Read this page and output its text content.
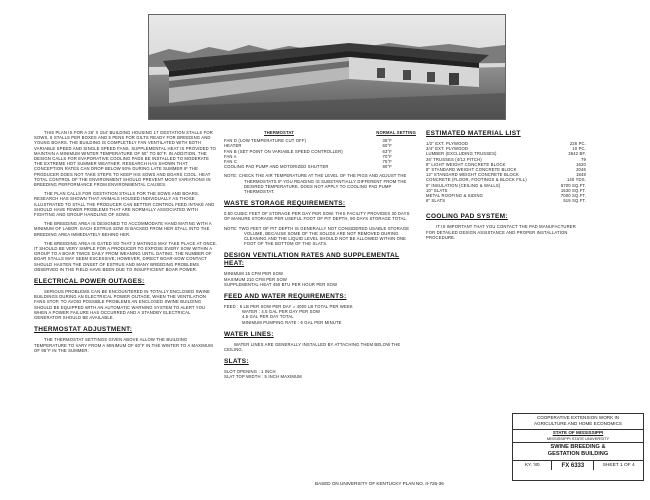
THIS PLAN IS FOR A 26' X 154' BUILDING HOUSING 17 GESTATION STALLS FOR SOWS, 6 STALLS PER BOXES AND 5 PENS FOR GILTS READY FOR BREEDING AND YOUNG BOARS. THE BUILDING IS COMPLETELY FAN VENTILATED WITH BOTH VARIABLE SPEED AND SINGLE SPEED FANS. SUPPLEMENTAL HEAT IS PROVIDED TO MAINTAIN A MINIMUM WINTER TEMPERATURE OF 50° TO 60°F. IN ADDITION, THE DESIGN CALLS FOR EVAPORATIVE COOLING PADS BE INSTALLED TO MODERATE THE EXTREME HOT SUMMER WEATHER. RESEARCH HAS SHOWN THAT CONCEPTION RATES CAN DROP BELOW 50% DURING LATE SUMMER IF THE PRODUCER DOES NOT TAKE STEPS TO KEEP HIS SOWS AND BOARS COOL. HEAT TOTAL CONTROL OF THE ENVIRONMENT SHOULD PREVENT MOST VARIATIONS IN BREEDING PERFORMANCE FROM ENVIRONMENTAL CAUSES.

THE PLAN CALLS FOR GESTATION STALLS FOR THE SOWS AND BOARS. RESEARCH HAS SHOWN THAT ANIMALS HOUSED INDIVIDUALLY AS THOSE ILLUSTRATED TO STALL THE PRODUCER CAN BETTER CONTROL FEED INTAKE AND SHOULD HAVE FEWER PROBLEMS THAT ARE NORMALLY ASSOCIATED WITH FIGHTING AND GROUP HANDLING OF SOWS.

THE BREEDING AREA IS DESIGNED TO ACCOMMODATE HAND MATING WITH A MINIMUM OF LABOR. EACH ESTRUS SOW IS BACKED FROM HER STALL INTO THE BREEDING AREA IMMEDIATELY BEHIND HER.

THE BREEDING AREA IS GATED SO THAT 3 MATINGS MAY TAKE PLACE AT ONCE. IT SHOULD BE VERY SIMPLE FOR A PRODUCER TO EXPOSE EVERY SOW WITHIN A GROUP TO A BOAR TWICE DAILY FROM WEANING UNTIL DATING. THE NUMBER OF BOAR STALLS MAY SEEM EXCESSIVE; HOWEVER, DIRECT BOAR-SOW CONTACT SHOULD HASTEN THE ONSET OF ESTRUS AND MANY BREEDING PROBLEMS OBSERVED IN THE FIELD HAVE BEEN DUE TO INSUFFICIENT BOAR POWER.

ELECTRICAL POWER OUTAGES:

SERIOUS PROBLEMS CAN BE ENCOUNTERED IN TOTALLY ENCLOSED SWINE BUILDINGS DURING AN ELECTRICAL POWER OUTAGE, WHEN THE VENTILATION FANS STOP. TO AVOID POSSIBLE PROBLEMS AN ENCLOSED SWINE BUILDING SHOULD BE EQUIPPED WITH AN AUTOMATIC WARNING SYSTEM TO ALERT YOU WHEN A POWER FAILURE HAS OCCURRED AND A STANDBY ELECTRICAL GENERATOR SHOULD BE AVAILABLE.

THERMOSTAT ADJUSTMENT:

THE THERMOSTAT SETTINGS GIVEN ABOVE ALLOW THE BUILDING TEMPERATURE TO VARY FROM A MINIMUM OF 60°F IN THE WINTER TO A MAXIMUM OF 95°F IN THE SUMMER.

THERMOSTAT	NORMAL SETTING
FAN D (LOW TEMPERATURE CUT OFF)	35°F
HEATER	60°F
FAN B (SET POINT ON VARIABLE SPEED CONTROLLER)	63°F
FAN A	70°F
FAN C	75°F
COOLING PAD PUMP AND MOTORIZED SHUTTER	80°F
NOTE: CHECK THE AIR TEMPERATURE AT THE LEVEL OF THE PIGS AND ADJUST THE THERMOSTATS IF YOU READING IS SUBSTANTIALLY DIFFERENT FROM THE DESIRED TEMPERATURE. DOES NOT APPLY TO COOLING PAD PUMP THERMOSTAT.
WASTE STORAGE REQUIREMENTS:
0.50 CUBIC FEET OF STORAGE PER DAY PER SOW. THIS FACILITY PROVIDES 30 DAYS OF MANURE STORAGE PER USEFUL FOOT OF PIT DEPTH, 90 DAYS STORAGE TOTAL.
NOTE: TWO FEET OF PIT DEPTH IS GENERALLY NOT CONSIDERED USABLE STORAGE VOLUME, BECAUSE SOME OF THE SOLIDS ARE NOT REMOVED DURING CLEANING AND THE LIQUID LEVEL SHOULD NOT BE ALLOWED WITHIN ONE FOOT OF THE BOTTOM OF THE SLATS.
DESIGN VENTILATION RATES AND SUPPLEMENTAL HEAT:
MINIMUM 15 CFM PER SOW
MAXIMUM 210 CFM PER SOW
SUPPLEMENTAL HEAT 450 BTU PER HOUR PER SOW
FEED AND WATER REQUIREMENTS:
FEED : 6 LB PER SOW PER DAY = 4000 LB TOTAL PER WEEK
WATER : 4.5 GAL PER DAY PER SOW
4.5 GAL PER DAY TOTAL
MINIMUM PUMPING RATE : 6 GAL PER MINUTE
WATER LINES:
WATER LINES ARE GENERALLY INSTALLED BY ATTACHING THEM BELOW THE CEILING.
SLATS:
SLOT OPENING : 1 INCH
SLAT TOP WIDTH : 5 INCH MAXIMUM
ESTIMATED MATERIAL LIST
1/2" EXT. PLYWOOD	226 PC.
3/4" EXT. PLYWOOD	10 PC.
LUMBER (EXCLUDING TRUSSES)	3642 BF.
26' TRUSSES (4/12 PITCH)	79
8" LIGHT WEIGHT CONCRETE BLOCK	1620
8" STANDARD WEIGHT CONCRETE BLOCK	2046
12" STANDARD WEIGHT CONCRETE BLOCK	1848
CONCRETE (FLOOR, FOOTINGS & BLOCK FILL)	140 YDS.
6" INSULATION (CEILING & WALLS)	5700 SQ.FT.
10" SLATS	1530 SQ.FT.
METAL ROOFING & SIDING	7000 SQ.FT.
6" SLATS	519 SQ.FT.
COOLING PAD SYSTEM:
IT IS IMPORTANT THAT YOU CONTACT THE PAD MANUFACTURER FOR DETAILED DESIGN ASSISTANCE AND PROPER INSTALLATION PROCEDURE.
COOPERATIVE EXTENSION WORK IN
AGRICULTURE AND HOME ECONOMICS
STATE OF MISSISSIPPI
MISSISSIPPI STATE UNIVERSITY
SWINE BREEDING &
GESTATION BUILDING
KY. '80	FX 6333	SHEET 1 OF 4
BASED ON UNIVERSITY OF KENTUCKY PLAN NO. II-726-36
